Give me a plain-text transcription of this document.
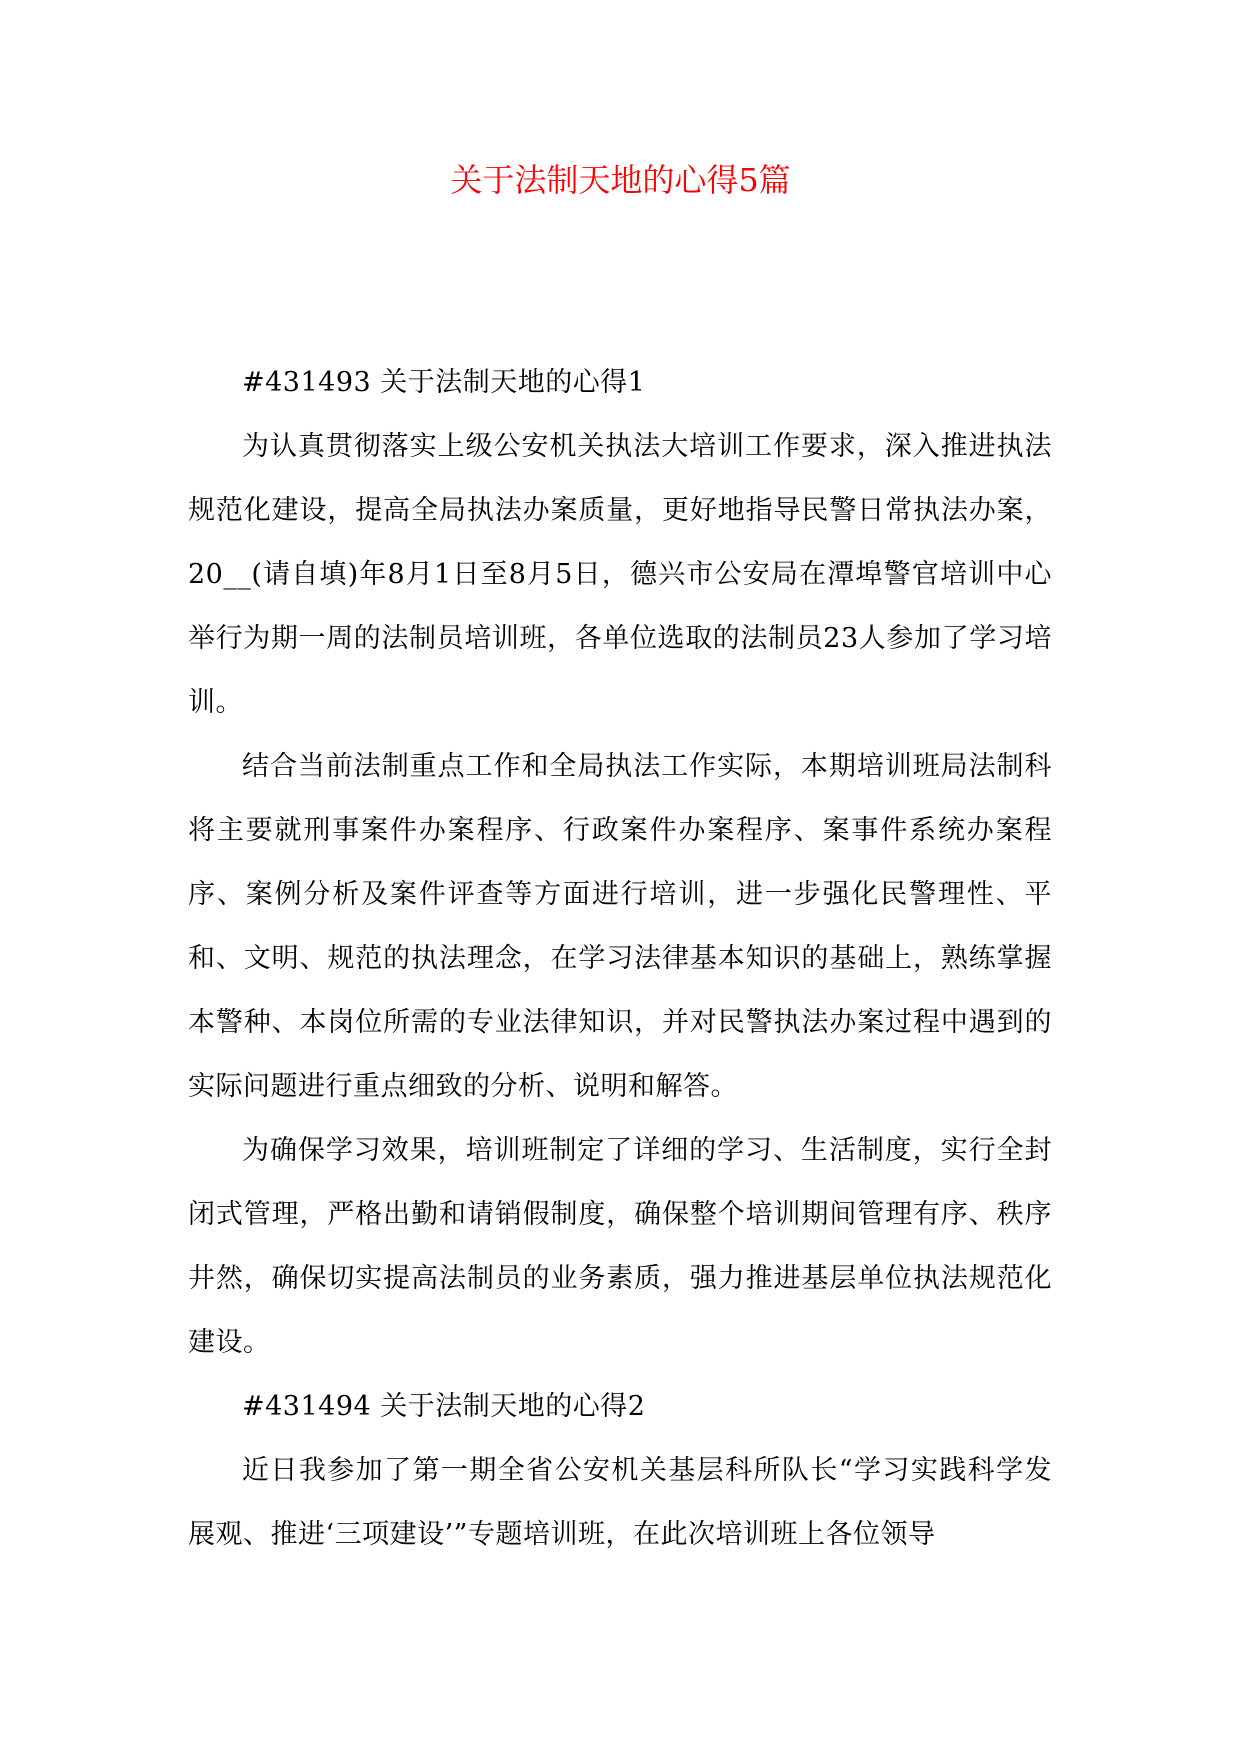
关于法制天地的心得5篇

#431493 关于法制天地的心得1

为认真贯彻落实上级公安机关执法大培训工作要求，深入推进执法规范化建设，提高全局执法办案质量，更好地指导民警日常执法办案，20__(请自填)年8月1日至8月5日，德兴市公安局在潭埠警官培训中心举行为期一周的法制员培训班，各单位选取的法制员23人参加了学习培训。

结合当前法制重点工作和全局执法工作实际，本期培训班局法制科将主要就刑事案件办案程序、行政案件办案程序、案事件系统办案程序、案例分析及案件评查等方面进行培训，进一步强化民警理性、平和、文明、规范的执法理念，在学习法律基本知识的基础上，熟练掌握本警种、本岗位所需的专业法律知识，并对民警执法办案过程中遇到的实际问题进行重点细致的分析、说明和解答。

为确保学习效果，培训班制定了详细的学习、生活制度，实行全封闭式管理，严格出勤和请销假制度，确保整个培训期间管理有序、秩序井然，确保切实提高法制员的业务素质，强力推进基层单位执法规范化建设。

#431494 关于法制天地的心得2

近日我参加了第一期全省公安机关基层科所队长“学习实践科学发展观、推进‘三项建设’”专题培训班，在此次培训班上各位领导
